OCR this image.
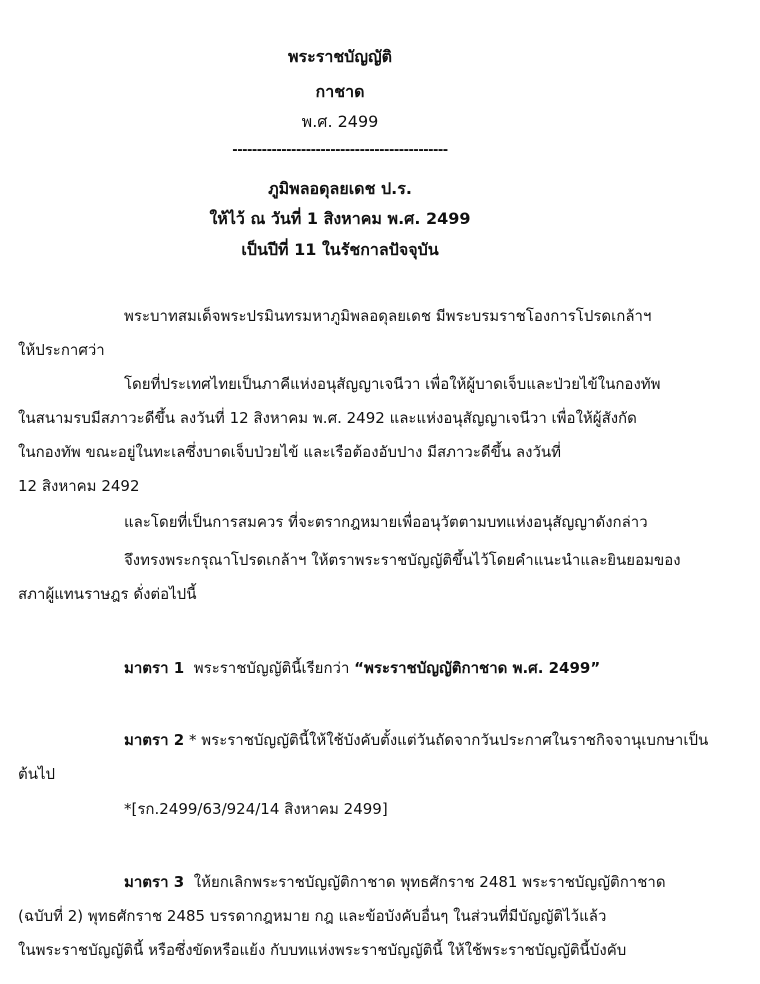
พระราชบัญญัติ
กาชาด
พ.ศ. 2499
--------------------------------------------
ภูมิพลอดุลยเดช ป.ร.
ให้ไว้ ณ วันที่ 1 สิงหาคม พ.ศ. 2499
เป็นปีที่ 11 ในรัชกาลปัจจุบัน
พระบาทสมเด็จพระปรมินทรมหาภูมิพลอดุลยเดช มีพระบรมราชโองการโปรดเกล้าฯ
ให้ประกาศว่า
โดยที่ประเทศไทยเป็นภาคีแห่งอนุสัญญาเจนีวา เพื่อให้ผู้บาดเจ็บและป่วยไข้ในกองทัพ
ในสนามรบมีสภาวะดีขึ้น ลงวันที่ 12 สิงหาคม พ.ศ. 2492 และแห่งอนุสัญญาเจนีวา เพื่อให้ผู้สังกัด
ในกองทัพ ขณะอยู่ในทะเลซึ่งบาดเจ็บป่วยไข้ และเรือต้องอับปาง มีสภาวะดีขึ้น ลงวันที่
12 สิงหาคม 2492
และโดยที่เป็นการสมควร ที่จะตรากฎหมายเพื่ออนุวัตตามบทแห่งอนุสัญญาดังกล่าว
จึงทรงพระกรุณาโปรดเกล้าฯ ให้ตราพระราชบัญญัติขึ้นไว้โดยคำแนะนำและยินยอมของ
สภาผู้แทนราษฎร ดั่งต่อไปนี้
มาตรา 1 พระราชบัญญัตินี้เรียกว่า “พระราชบัญญัติกาชาด พ.ศ. 2499”
มาตรา 2 * พระราชบัญญัตินี้ให้ใช้บังคับตั้งแต่วันถัดจากวันประกาศในราชกิจจานุเบกษาเป็น
ต้นไป
*[รก.2499/63/924/14 สิงหาคม 2499]
มาตรา 3 ให้ยกเลิกพระราชบัญญัติกาชาด พุทธศักราช 2481 พระราชบัญญัติกาชาด
(ฉบับที่ 2) พุทธศักราช 2485 บรรดากฎหมาย กฎ และข้อบังคับอื่นๆ ในส่วนที่มีบัญญัติไว้แล้ว
ในพระราชบัญญัตินี้ หรือซึ่งขัดหรือแย้ง กับบทแห่งพระราชบัญญัตินี้ ให้ใช้พระราชบัญญัตินี้บังคับ
